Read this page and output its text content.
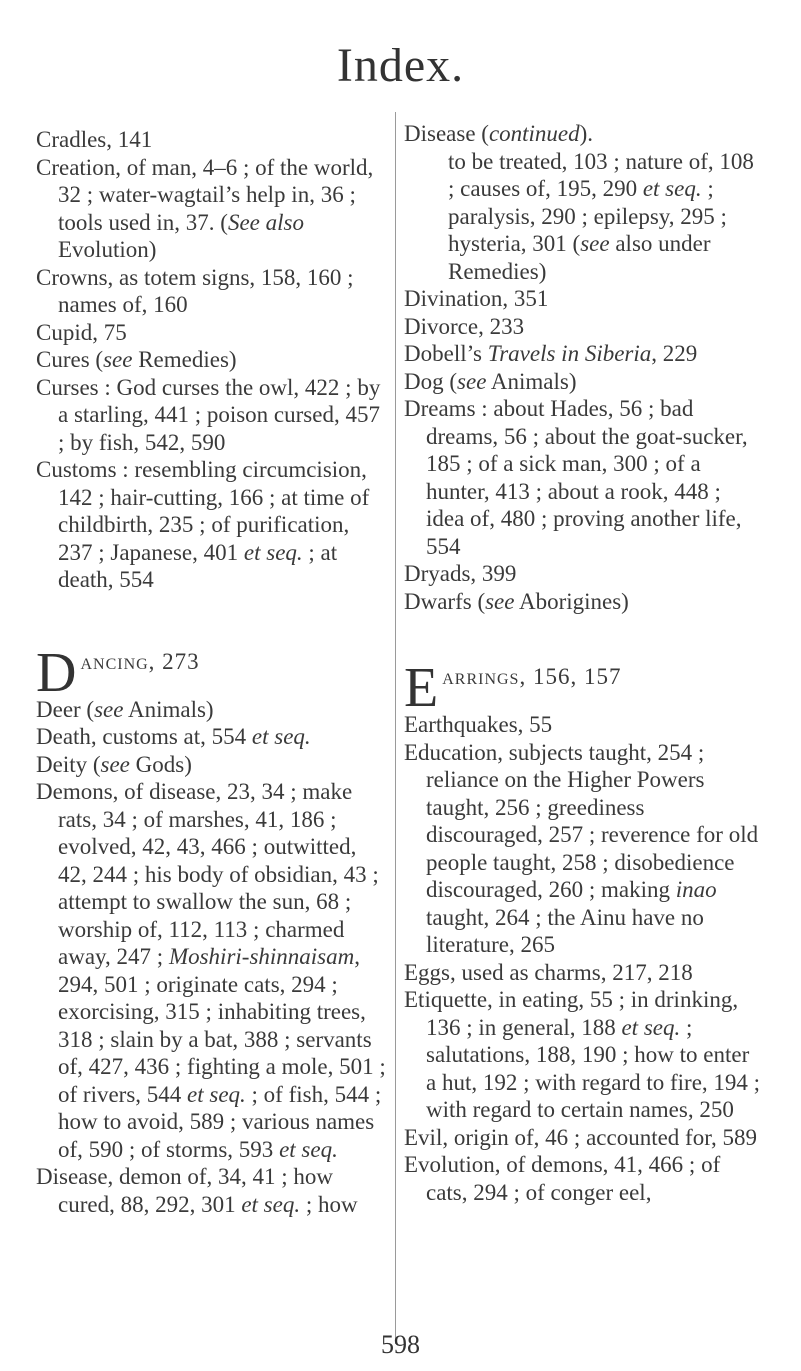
Index.
Cradles, 141
Creation, of man, 4–6 ; of the world, 32 ; water-wagtail’s help in, 36 ; tools used in, 37. (See also Evolution)
Crowns, as totem signs, 158, 160 ; names of, 160
Cupid, 75
Cures (see Remedies)
Curses : God curses the owl, 422 ; by a starling, 441 ; poison cursed, 457 ; by fish, 542, 590
Customs : resembling circumcision, 142 ; hair-cutting, 166 ; at time of childbirth, 235 ; of purification, 237 ; Japanese, 401 et seq. ; at death, 554
D ancing, 273
Deer (see Animals)
Death, customs at, 554 et seq.
Deity (see Gods)
Demons, of disease, 23, 34 ; make rats, 34 ; of marshes, 41, 186 ; evolved, 42, 43, 466 ; outwitted, 42, 244 ; his body of obsidian, 43 ; attempt to swallow the sun, 68 ; worship of, 112, 113 ; charmed away, 247 ; Moshiri-shinnaisam, 294, 501 ; originate cats, 294 ; exorcising, 315 ; inhabiting trees, 318 ; slain by a bat, 388 ; servants of, 427, 436 ; fighting a mole, 501 ; of rivers, 544 et seq. ; of fish, 544 ; how to avoid, 589 ; various names of, 590 ; of storms, 593 et seq.
Disease, demon of, 34, 41 ; how cured, 88, 292, 301 et seq. ; how
Disease (continued).
to be treated, 103 ; nature of, 108 ; causes of, 195, 290 et seq. ; paralysis, 290 ; epilepsy, 295 ; hysteria, 301 (see also under Remedies)
Divination, 351
Divorce, 233
Dobell’s Travels in Siberia, 229
Dog (see Animals)
Dreams : about Hades, 56 ; bad dreams, 56 ; about the goat-sucker, 185 ; of a sick man, 300 ; of a hunter, 413 ; about a rook, 448 ; idea of, 480 ; proving another life, 554
Dryads, 399
Dwarfs (see Aborigines)
E arrings, 156, 157
Earthquakes, 55
Education, subjects taught, 254 ; reliance on the Higher Powers taught, 256 ; greediness discouraged, 257 ; reverence for old people taught, 258 ; disobedience discouraged, 260 ; making inao taught, 264 ; the Ainu have no literature, 265
Eggs, used as charms, 217, 218
Etiquette, in eating, 55 ; in drinking, 136 ; in general, 188 et seq. ; salutations, 188, 190 ; how to enter a hut, 192 ; with regard to fire, 194 ; with regard to certain names, 250
Evil, origin of, 46 ; accounted for, 589
Evolution, of demons, 41, 466 ; of cats, 294 ; of conger eel,
598
